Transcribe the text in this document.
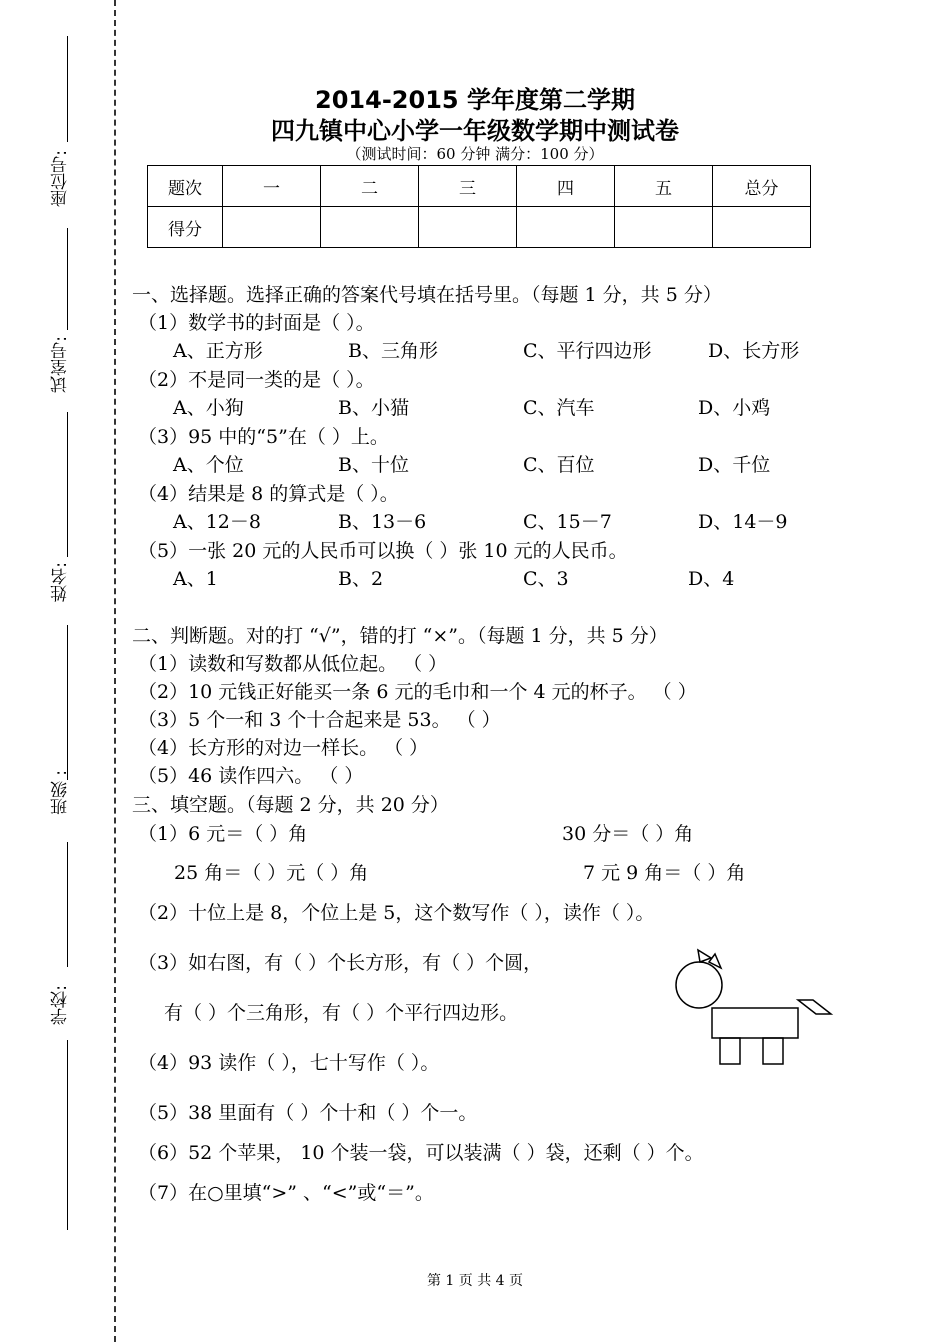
座位号:
试室号:
姓名:
班级 :
学校:
2014-2015 学年度第二学期
四九镇中心小学一年级数学期中测试卷
（测试时间：60 分钟 满分：100 分）
题次	一	二	三	四	五	总分
得分						
一、选择题。选择正确的答案代号填在括号里。（每题 1 分，共 5 分）
（1）数学书的封面是（ ）。
A、正方形	B、三角形	C、平行四边形	D、长方形
（2）不是同一类的是（ ）。
A、小狗	B、小猫	C、汽车	D、小鸡
（3）95 中的“5”在（ ）上。
A、个位	B、十位	C、百位	D、千位
（4）结果是 8 的算式是（ ）。
A、12－8	B、13－6	C、15－7	D、14－9
（5）一张 20 元的人民币可以换（ ）张 10 元的人民币。
A、1	B、2	C、3	D、4
二、判断题。对的打 “√”，错的打 “×”。（每题 1 分，共 5 分）
（1）读数和写数都从低位起。 （ ）
（2）10 元钱正好能买一条 6 元的毛巾和一个 4 元的杯子。 （ ）
（3）5 个一和 3 个十合起来是 53。 （ ）
（4）长方形的对边一样长。 （ ）
（5）46 读作四六。 （ ）
三、填空题。（每题 2 分，共 20 分）
（1）6 元＝（ ）角	30 分＝（ ）角
25 角＝（ ）元（ ）角	7 元 9 角＝（ ）角
（2）十位上是 8，个位上是 5，这个数写作（ ），读作（ ）。
（3）如右图，有（ ）个长方形，有（ ）个圆，
有（ ）个三角形，有（ ）个平行四边形。
（4）93 读作（ ），七十写作（ ）。
（5）38 里面有（ ）个十和（ ）个一。
（6）52 个苹果， 10 个装一袋，可以装满（ ）袋，还剩（ ）个。
（7）在○里填“>” 、“<”或“＝”。
第 1 页 共 4 页
